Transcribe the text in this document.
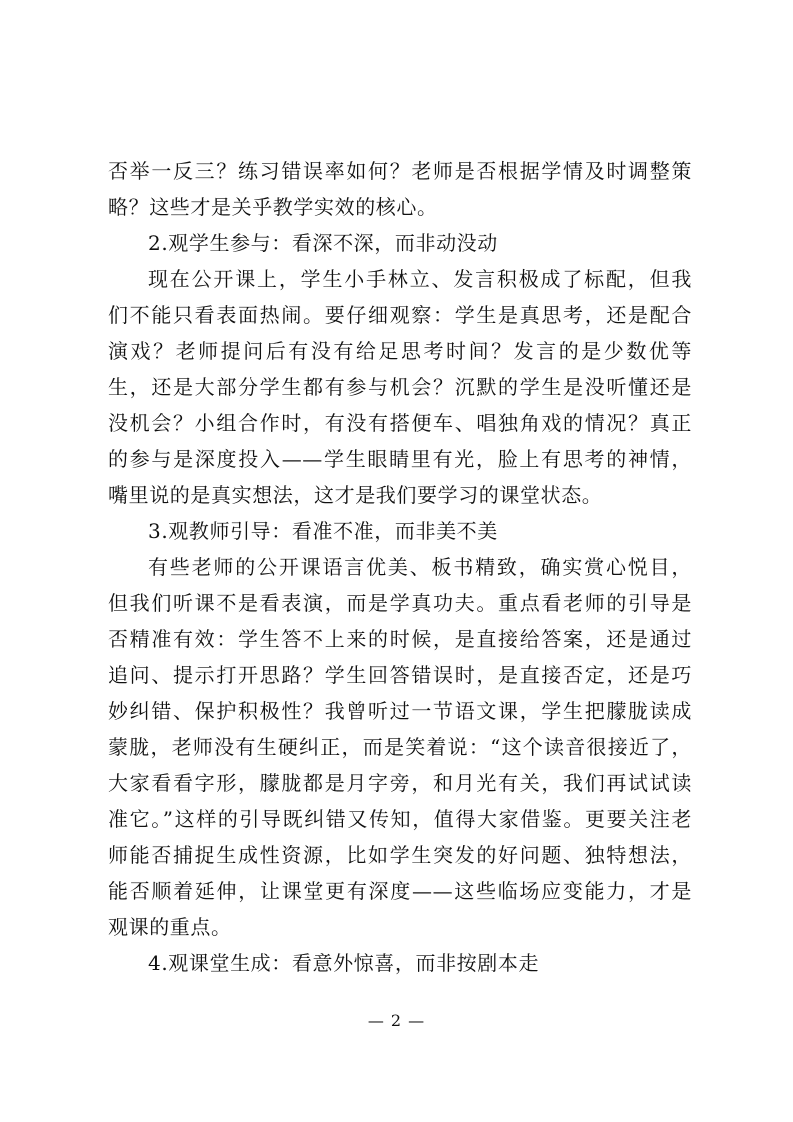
否举一反三？练习错误率如何？老师是否根据学情及时调整策
略？这些才是关乎教学实效的核心。
2.观学生参与：看深不深，而非动没动
现在公开课上，学生小手林立、发言积极成了标配，但我
们不能只看表面热闹。要仔细观察：学生是真思考，还是配合
演戏？老师提问后有没有给足思考时间？发言的是少数优等
生，还是大部分学生都有参与机会？沉默的学生是没听懂还是
没机会？小组合作时，有没有搭便车、唱独角戏的情况？真正
的参与是深度投入——学生眼睛里有光，脸上有思考的神情，
嘴里说的是真实想法，这才是我们要学习的课堂状态。
3.观教师引导：看准不准，而非美不美
有些老师的公开课语言优美、板书精致，确实赏心悦目，
但我们听课不是看表演，而是学真功夫。重点看老师的引导是
否精准有效：学生答不上来的时候，是直接给答案，还是通过
追问、提示打开思路？学生回答错误时，是直接否定，还是巧
妙纠错、保护积极性？我曾听过一节语文课，学生把朦胧读成
蒙胧，老师没有生硬纠正，而是笑着说：“这个读音很接近了，
大家看看字形，朦胧都是月字旁，和月光有关，我们再试试读
准它。”这样的引导既纠错又传知，值得大家借鉴。更要关注老
师能否捕捉生成性资源，比如学生突发的好问题、独特想法，
能否顺着延伸，让课堂更有深度——这些临场应变能力，才是
观课的重点。
4.观课堂生成：看意外惊喜，而非按剧本走
— 2 —
